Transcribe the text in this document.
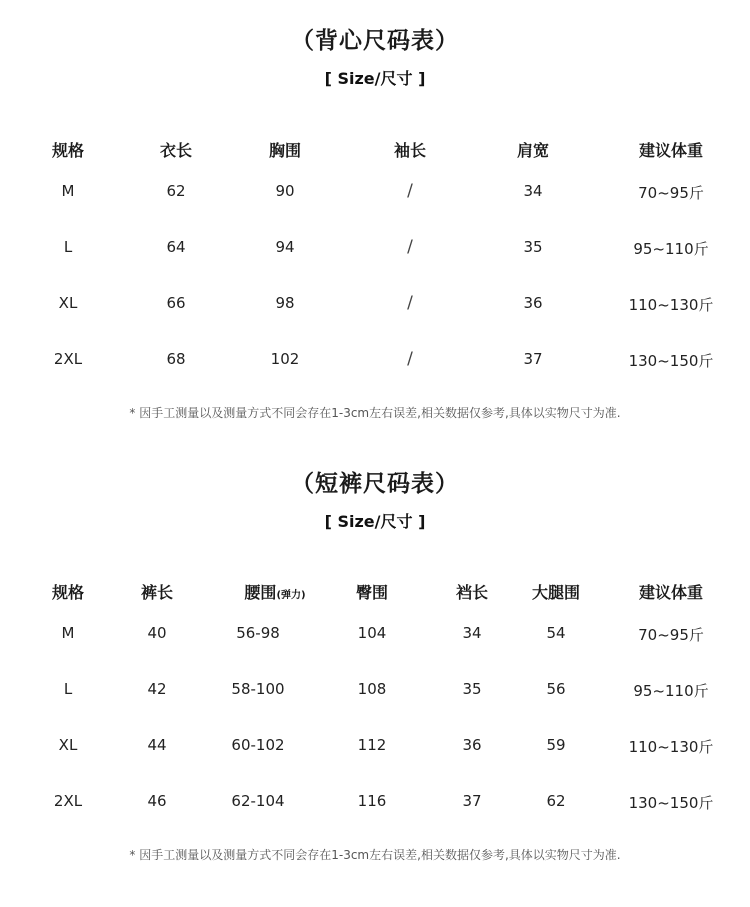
（背心尺码表）
[ Size/尺寸 ]
规格	衣长	胸围	袖长	肩宽	建议体重
M	62	90	/	34	70~95斤
L	64	94	/	35	95~110斤
XL	66	98	/	36	110~130斤
2XL	68	102	/	37	130~150斤
* 因手工测量以及测量方式不同会存在1-3cm左右误差,相关数据仅参考,具体以实物尺寸为准.
（短裤尺码表）
[ Size/尺寸 ]
规格	裤长	腰围(弹力)	臀围	裆长	大腿围	建议体重
M	40	56-98	104	34	54	70~95斤
L	42	58-100	108	35	56	95~110斤
XL	44	60-102	112	36	59	110~130斤
2XL	46	62-104	116	37	62	130~150斤
* 因手工测量以及测量方式不同会存在1-3cm左右误差,相关数据仅参考,具体以实物尺寸为准.
